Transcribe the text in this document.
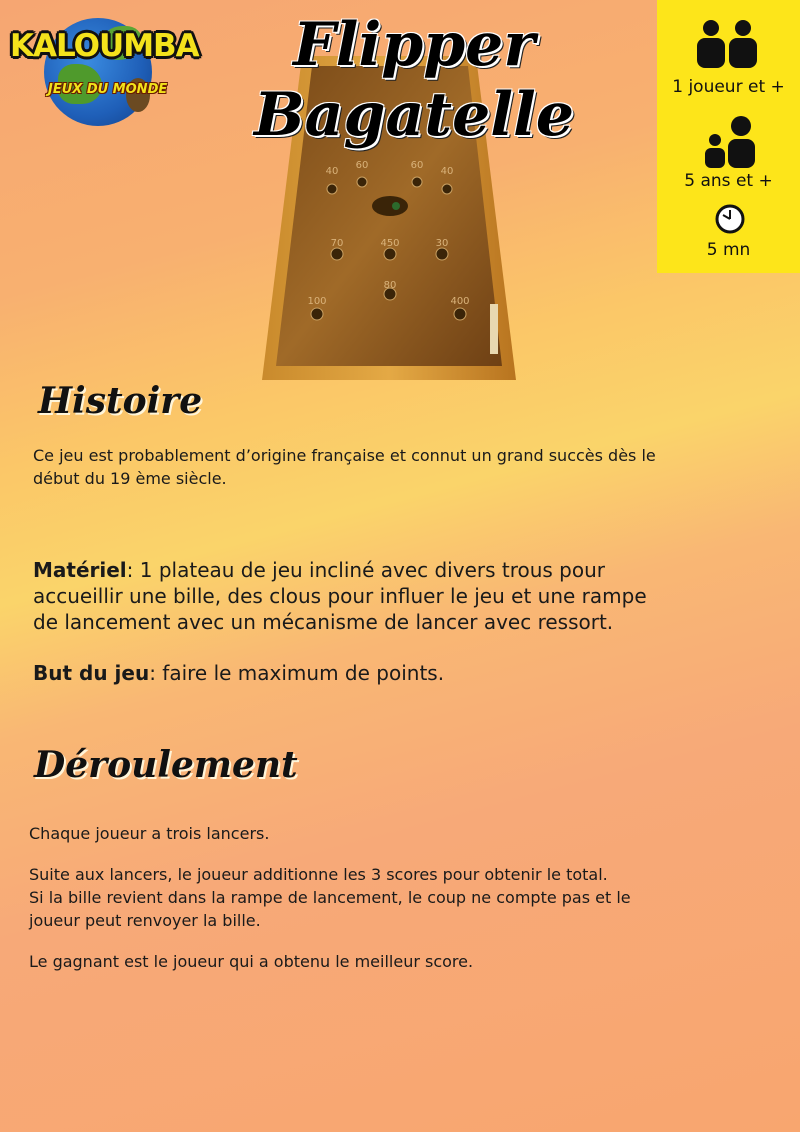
KALOUMBA
JEUX DU MONDE
40
60	60
40
70	450	30
80
100	400
Flipper
Bagatelle	1 joueur et +
5 ans et +
5 mn
Histoire
Ce jeu est probablement d’origine française et connut un grand succès dès le
début du 19 ème siècle.
Matériel: 1 plateau de jeu incliné avec divers trous pour
accueillir une bille, des clous pour influer le jeu et une rampe
de lancement avec un mécanisme de lancer avec ressort.
But du jeu: faire le maximum de points.
Déroulement
Chaque joueur a trois lancers.
Suite aux lancers, le joueur additionne les 3 scores pour obtenir le total.
Si la bille revient dans la rampe de lancement, le coup ne compte pas et le
joueur peut renvoyer la bille.
Le gagnant est le joueur qui a obtenu le meilleur score.
